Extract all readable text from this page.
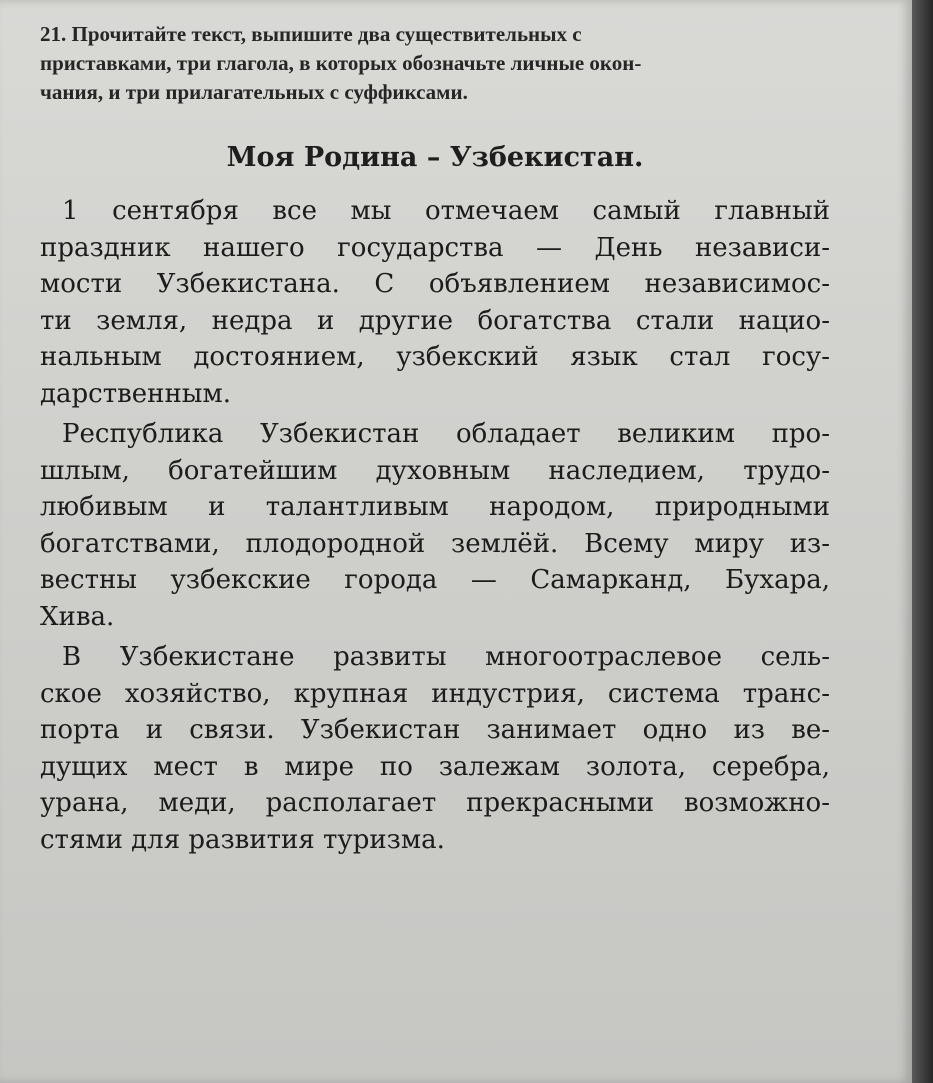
21. Прочитайте текст, выпишите два существительных с
приставками, три глагола, в которых обозначьте личные окон-
чания, и три прилагательных с суффиксами.

Моя Родина – Узбекистан.

1 сентября все мы отмечаем самый главный
праздник нашего государства — День независи-
мости Узбекистана. С объявлением независимос-
ти земля, недра и другие богатства стали нацио-
нальным достоянием, узбекский язык стал госу-
дарственным.

Республика Узбекистан обладает великим про-
шлым, богатейшим духовным наследием, трудо-
любивым и талантливым народом, природными
богатствами, плодородной землёй. Всему миру из-
вестны узбекские города — Самарканд, Бухара,
Хива.

В Узбекистане развиты многоотраслевое сель-
ское хозяйство, крупная индустрия, система транс-
порта и связи. Узбекистан занимает одно из ве-
дущих мест в мире по залежам золота, серебра,
урана, меди, располагает прекрасными возможно-
стями для развития туризма.
